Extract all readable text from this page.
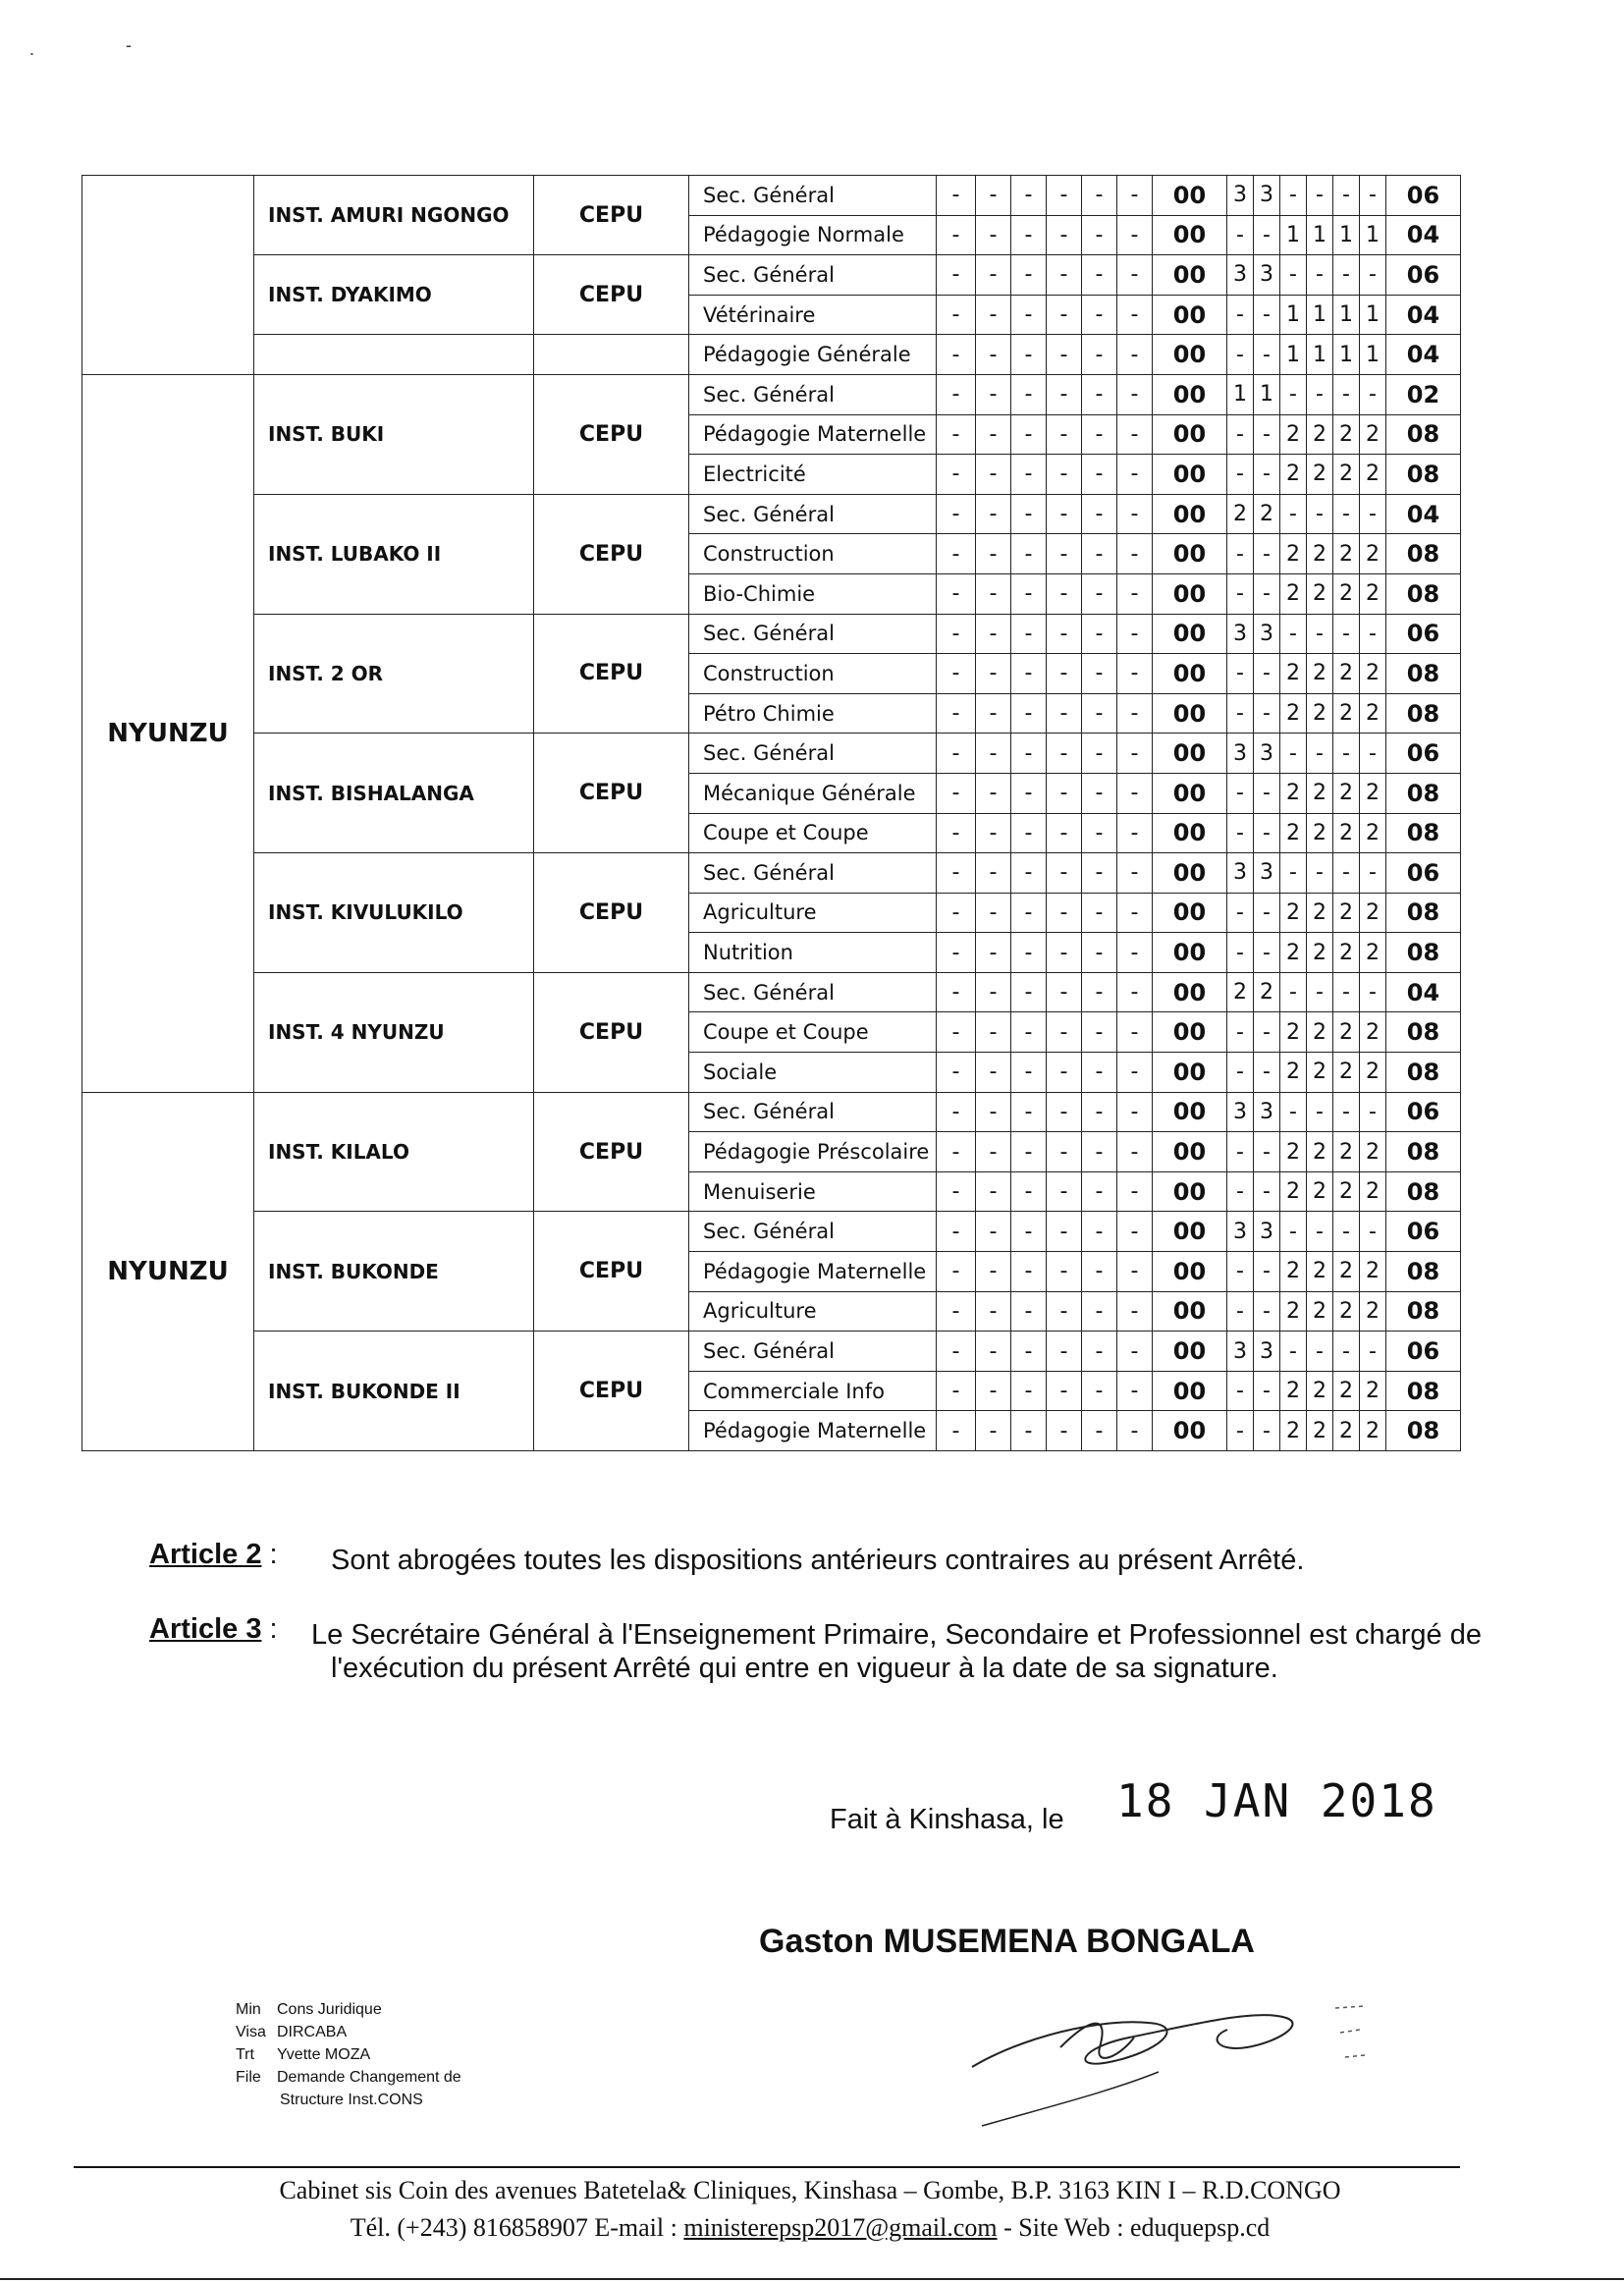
.	-
	INST. AMURI NGONGO	CEPU	Sec. Général	-	-	-	-	-	-	00	3	3	-	-	-	-	06
			Pédagogie Normale	-	-	-	-	-	-	00	-	-	1	1	1	1	04
	INST. DYAKIMO	CEPU	Sec. Général	-	-	-	-	-	-	00	3	3	-	-	-	-	06
			Vétérinaire	-	-	-	-	-	-	00	-	-	1	1	1	1	04
			Pédagogie Générale	-	-	-	-	-	-	00	-	-	1	1	1	1	04
NYUNZU	INST. BUKI	CEPU	Sec. Général	-	-	-	-	-	-	00	1	1	-	-	-	-	02
			Pédagogie Maternelle	-	-	-	-	-	-	00	-	-	2	2	2	2	08
			Electricité	-	-	-	-	-	-	00	-	-	2	2	2	2	08
	INST. LUBAKO II	CEPU	Sec. Général	-	-	-	-	-	-	00	2	2	-	-	-	-	04
			Construction	-	-	-	-	-	-	00	-	-	2	2	2	2	08
			Bio-Chimie	-	-	-	-	-	-	00	-	-	2	2	2	2	08
	INST. 2 OR	CEPU	Sec. Général	-	-	-	-	-	-	00	3	3	-	-	-	-	06
			Construction	-	-	-	-	-	-	00	-	-	2	2	2	2	08
			Pétro Chimie	-	-	-	-	-	-	00	-	-	2	2	2	2	08
	INST. BISHALANGA	CEPU	Sec. Général	-	-	-	-	-	-	00	3	3	-	-	-	-	06
			Mécanique Générale	-	-	-	-	-	-	00	-	-	2	2	2	2	08
			Coupe et Coupe	-	-	-	-	-	-	00	-	-	2	2	2	2	08
	INST. KIVULUKILO	CEPU	Sec. Général	-	-	-	-	-	-	00	3	3	-	-	-	-	06
			Agriculture	-	-	-	-	-	-	00	-	-	2	2	2	2	08
			Nutrition	-	-	-	-	-	-	00	-	-	2	2	2	2	08
	INST. 4 NYUNZU	CEPU	Sec. Général	-	-	-	-	-	-	00	2	2	-	-	-	-	04
			Coupe et Coupe	-	-	-	-	-	-	00	-	-	2	2	2	2	08
			Sociale	-	-	-	-	-	-	00	-	-	2	2	2	2	08
NYUNZU	INST. KILALO	CEPU	Sec. Général	-	-	-	-	-	-	00	3	3	-	-	-	-	06
			Pédagogie Préscolaire	-	-	-	-	-	-	00	-	-	2	2	2	2	08
			Menuiserie	-	-	-	-	-	-	00	-	-	2	2	2	2	08
	INST. BUKONDE	CEPU	Sec. Général	-	-	-	-	-	-	00	3	3	-	-	-	-	06
			Pédagogie Maternelle	-	-	-	-	-	-	00	-	-	2	2	2	2	08
			Agriculture	-	-	-	-	-	-	00	-	-	2	2	2	2	08
	INST. BUKONDE II	CEPU	Sec. Général	-	-	-	-	-	-	00	3	3	-	-	-	-	06
			Commerciale Info	-	-	-	-	-	-	00	-	-	2	2	2	2	08
			Pédagogie Maternelle	-	-	-	-	-	-	00	-	-	2	2	2	2	08
Article 2 : Sont abrogées toutes les dispositions antérieurs contraires au présent Arrêté.
Article 3 : Le Secrétaire Général à l'Enseignement Primaire, Secondaire et Professionnel est chargé de l'exécution du présent Arrêté qui entre en vigueur à la date de sa signature.
Fait à Kinshasa, le 18 JAN 2018
Gaston MUSEMENA BONGALA
Min Cons Juridique
Visa DIRCABA
Trt Yvette MOZA
File Demande Changement de
Structure Inst.CONS
Cabinet sis Coin des avenues Batetela& Cliniques, Kinshasa – Gombe, B.P. 3163 KIN I – R.D.CONGO
Tél. (+243) 816858907 E-mail : ministerepsp2017@gmail.com - Site Web : eduquepsp.cd
